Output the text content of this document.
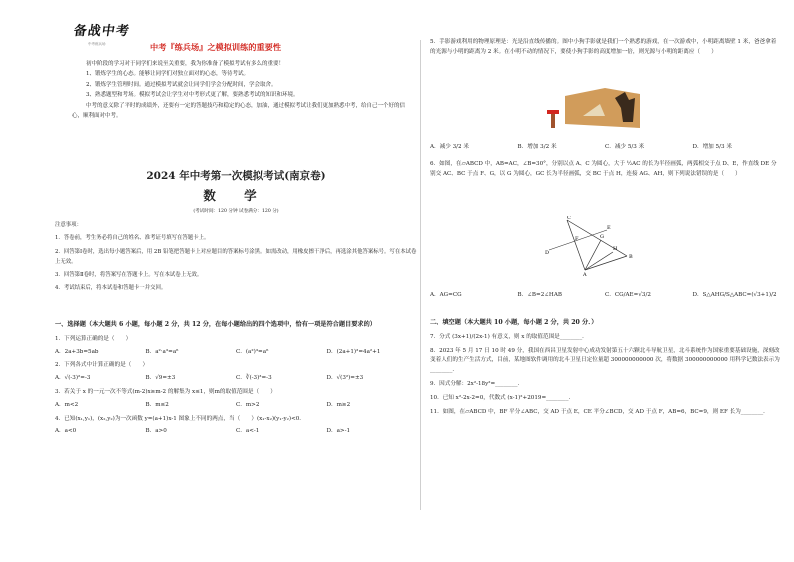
备战中考
中考练兵场	中考『练兵场』之模拟训练的重要性

初中阶段的学习对于同学们来说至关重要，我为你准备了模拟考试有多么的重要！

1、锻炼学生的心态。能够让同学们对独立面对的心态，等待考试。
2、锻炼学生管理时间。通过模拟考试就会让同学们学会分配时间，学会取舍。
3、熟悉题型和考场。模拟考试会让学生对中考形式更了解，要熟悉考试的知识和环境。

中考的意义除了平时的成绩外，还要有一定的答题技巧和稳定的心态，加油，通过模拟考试让我们更加熟悉中考，给自己一个好的信心，顺利面对中考。

2024 年中考第一次模拟考试(南京卷)
数 学
(考试时间：120 分钟 试卷满分：120 分)
注意事项：
1．答卷前，考生务必将自己的姓名、准考证号填写在答题卡上。
2．回答第Ⅰ卷时，选出每小题答案后，用 2B 铅笔把答题卡上对应题目的答案标号涂黑。如需改动，用橡皮擦干净后，再选涂其他答案标号。写在本试卷上无效。
3．回答第Ⅱ卷时，将答案写在答题卡上。写在本试卷上无效。
4．考试结束后，将本试卷和答题卡一并交回。
一、选择题（本大题共 6 小题，每小题 2 分，共 12 分，在每小题给出的四个选项中，恰有一项是符合题目要求的）
1．下列运算正确的是（　　）
A．2a+3b=5ab	B．a²·a³=a⁶	C．(a²)³=a⁶	D．(2a+1)²=4a²+1
2．下列各式中计算正确的是（　　）
A．√(-3)²=-3	B．√9=±3	C．∛(-3)³=-3	D．√(3²)=±3
3．若关于 x 的一元一次不等式(m-2)x≥m-2 的解集为 x≤1，则m的取值范围是（　　）
A．m<2	B．m≤2	C．m>2	D．m≥2
4．已知(x₁,y₁)，(x₂,y₂)为一次函数 y=(a+1)x-1 图象上不同的两点，当（　　）(x₁-x₂)(y₁-y₂)<0．
A．a<0	B．a>0	C．a<-1	D．a>-1
5．手影游戏利用的物理原理是：光是沿直线传播的。图中小狗手影就是我们一个熟悉的游戏，在一次游戏中，小明距离墙壁 1 米，爸爸拿着的光源与小明的距离为 2 米。在小明不动的情况下，要使小狗手影的高度增加一倍，则光源与小明的距离应（　　）
A．减少 3/2 米	B．增加 3/2 米	C．减少 5/3 米	D．增加 5/3 米
6．如图，在▱ABCD 中，AB=AC，∠B=30°，分别以点 A、C 为圆心，大于 ½AC 的长为半径画弧，两弧相交于点 D、E，作直线 DE 分别交 AC、BC 于点 F、G，以 G 为圆心，GC 长为半径画弧，交 BC 于点 H，连接 AG、AH，则下列说法错误的是（　　）
C
E
D
G
H
F
B
A
A．AG=CG	B．∠B=2∠HAB	C．CG/AE=√3/2	D．S△AHG/S△ABC=(√3+1)/2
二、填空题（本大题共 10 小题，每小题 2 分，共 20 分．）
7．分式 (3x+1)/(2x-1) 有意义，则 x 的取值范围是________．
8．2023 年 5 月 17 日 10 时 49 分，我国在西昌卫星发射中心成功发射第五十六颗北斗导航卫星，北斗系统作为国家重要基础设施，深刻改变着人们的生产生活方式，目前，某地图软件调用的北斗卫星日定位量超 300000000000 次，将数据 300000000000 用科学记数法表示为________．
9．因式分解：2x²-18y²=________．
10．已知 x²-2x-2=0，代数式 (x-1)²+2019=________．
11．如图，在▱ABCD 中，BF 平分∠ABC，交 AD 于点 E，CE 平分∠BCD，交 AD 于点 F，AB=6，BC=9，则 EF 长为________．
